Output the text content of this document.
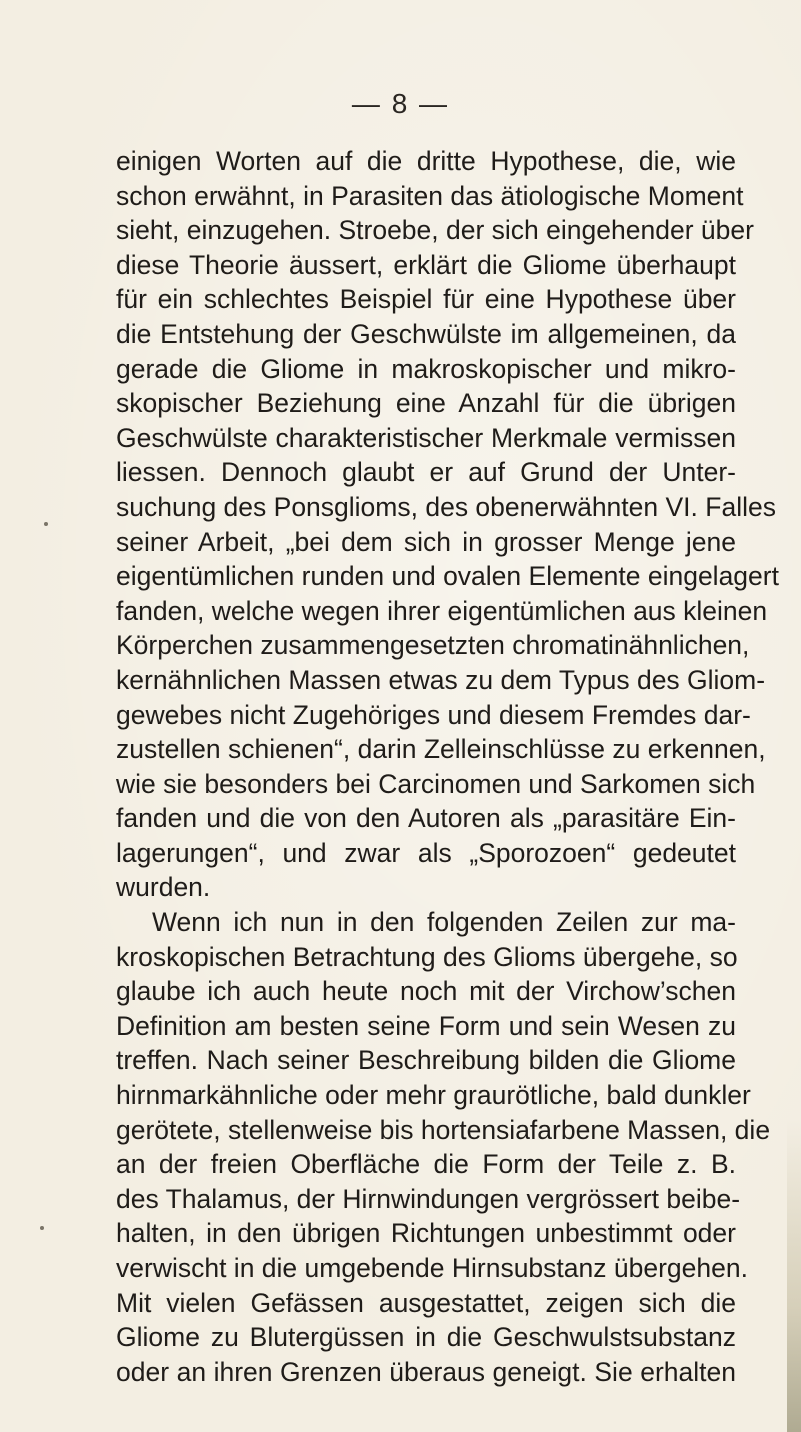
— 8 —
einigen Worten auf die dritte Hypothese, die, wie
schon erwähnt, in Parasiten das ätiologische Moment
sieht, einzugehen. Stroebe, der sich eingehender über
diese Theorie äussert, erklärt die Gliome überhaupt
für ein schlechtes Beispiel für eine Hypothese über
die Entstehung der Geschwülste im allgemeinen, da
gerade die Gliome in makroskopischer und mikro-
skopischer Beziehung eine Anzahl für die übrigen
Geschwülste charakteristischer Merkmale vermissen
liessen. Dennoch glaubt er auf Grund der Unter-
suchung des Ponsglioms, des obenerwähnten VI. Falles
seiner Arbeit, „bei dem sich in grosser Menge jene
eigentümlichen runden und ovalen Elemente eingelagert
fanden, welche wegen ihrer eigentümlichen aus kleinen
Körperchen zusammengesetzten chromatinähnlichen,
kernähnlichen Massen etwas zu dem Typus des Gliom-
gewebes nicht Zugehöriges und diesem Fremdes dar-
zustellen schienen“, darin Zelleinschlüsse zu erkennen,
wie sie besonders bei Carcinomen und Sarkomen sich
fanden und die von den Autoren als „parasitäre Ein-
lagerungen“, und zwar als „Sporozoen“ gedeutet
wurden.
Wenn ich nun in den folgenden Zeilen zur ma-
kroskopischen Betrachtung des Glioms übergehe, so
glaube ich auch heute noch mit der Virchow’schen
Definition am besten seine Form und sein Wesen zu
treffen. Nach seiner Beschreibung bilden die Gliome
hirnmarkähnliche oder mehr graurötliche, bald dunkler
gerötete, stellenweise bis hortensiafarbene Massen, die
an der freien Oberfläche die Form der Teile z. B.
des Thalamus, der Hirnwindungen vergrössert beibe-
halten, in den übrigen Richtungen unbestimmt oder
verwischt in die umgebende Hirnsubstanz übergehen.
Mit vielen Gefässen ausgestattet, zeigen sich die
Gliome zu Blutergüssen in die Geschwulstsubstanz
oder an ihren Grenzen überaus geneigt. Sie erhalten
